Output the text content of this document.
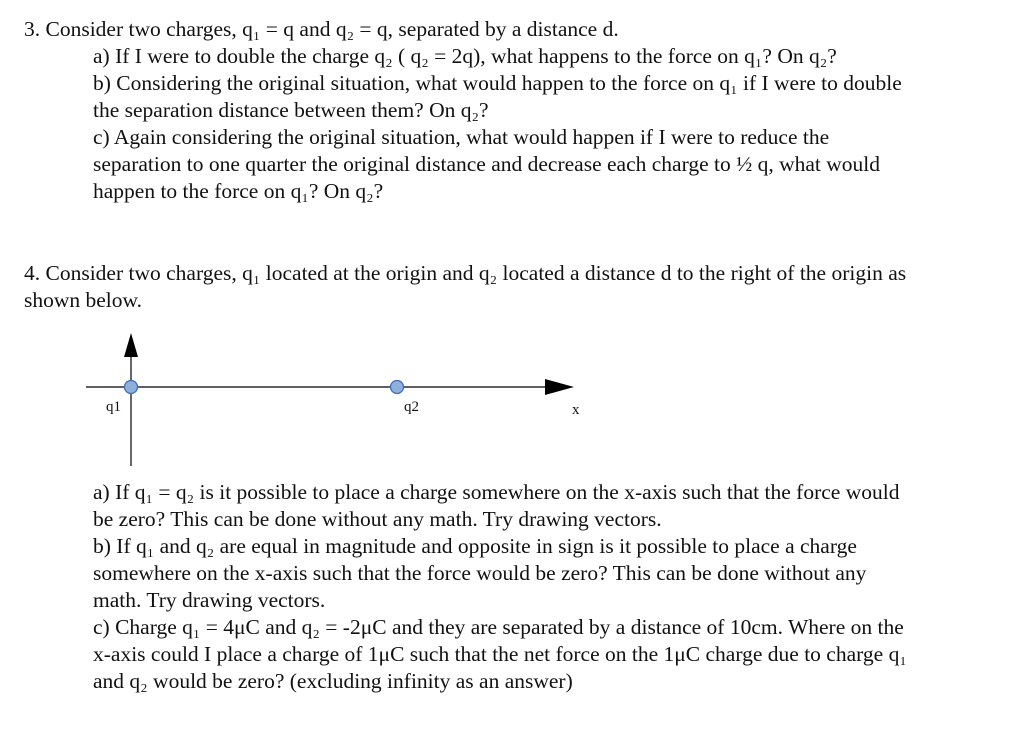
3. Consider two charges, q₁ = q and q₂ = q, separated by a distance d.
a) If I were to double the charge q₂ ( q₂ = 2q), what happens to the force on q₁? On q₂?
b) Considering the original situation, what would happen to the force on q₁ if I were to double
the separation distance between them? On q₂?
c) Again considering the original situation, what would happen if I were to reduce the
separation to one quarter the original distance and decrease each charge to ½ q, what would
happen to the force on q₁? On q₂?
4. Consider two charges, q₁ located at the origin and q₂ located a distance d to the right of the origin as
shown below.
q1	q2	x
a) If q₁ = q₂ is it possible to place a charge somewhere on the x-axis such that the force would
be zero? This can be done without any math. Try drawing vectors.
b) If q₁ and q₂ are equal in magnitude and opposite in sign is it possible to place a charge
somewhere on the x-axis such that the force would be zero? This can be done without any
math. Try drawing vectors.
c) Charge q₁ = 4μC and q₂ = -2μC and they are separated by a distance of 10cm. Where on the
x-axis could I place a charge of 1μC such that the net force on the 1μC charge due to charge q₁
and q₂ would be zero? (excluding infinity as an answer)
